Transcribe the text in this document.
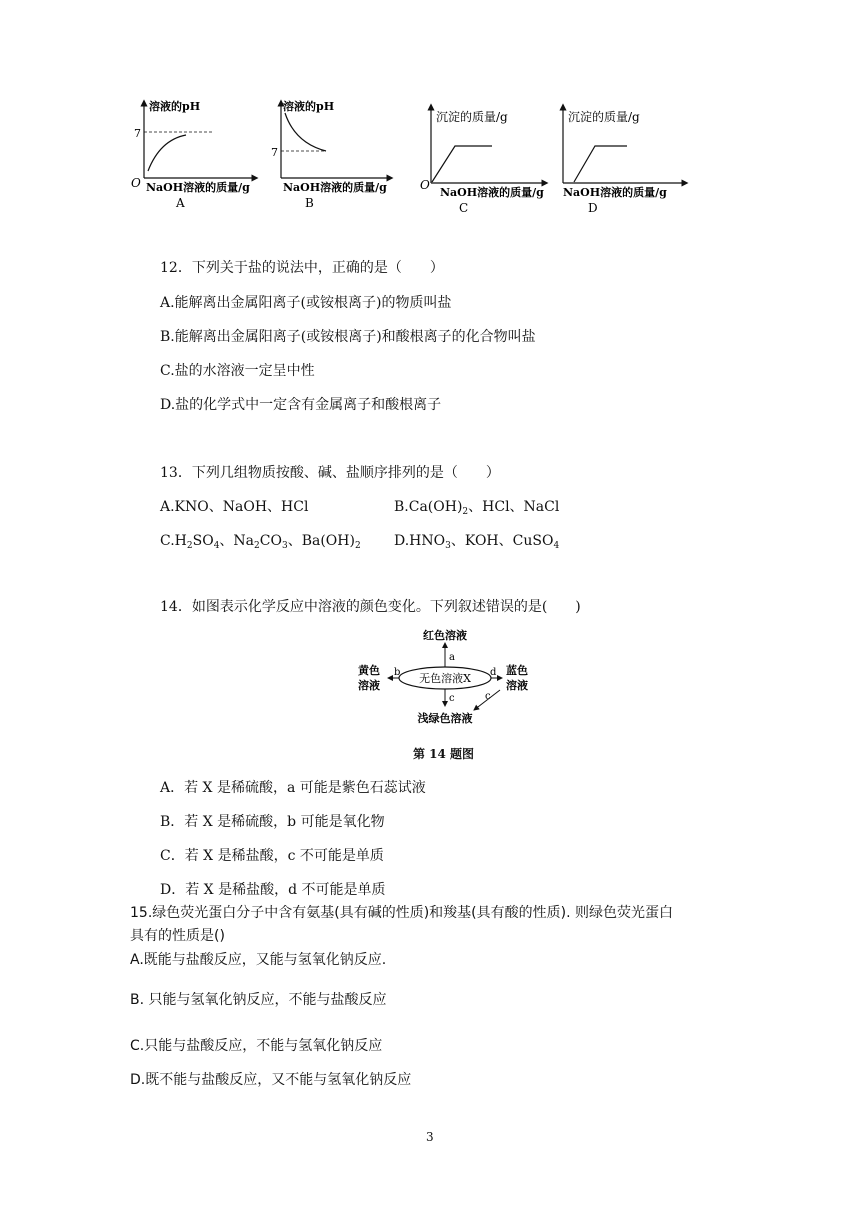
溶液的pH
7
O NaOH溶液的质量/g
A
溶液的pH
7
NaOH溶液的质量/g
B
沉淀的质量/g
O
NaOH溶液的质量/g
C
沉淀的质量/g
NaOH溶液的质量/g
D
12．下列关于盐的说法中，正确的是（　　）
A.能解离出金属阳离子(或铵根离子)的物质叫盐
B.能解离出金属阳离子(或铵根离子)和酸根离子的化合物叫盐
C.盐的水溶液一定呈中性
D.盐的化学式中一定含有金属离子和酸根离子
13．下列几组物质按酸、碱、盐顺序排列的是（　　）
A.KNO、NaOH、HCl	$B.Ca(OH)_2$、HCl、NaCl
$C.H_2SO_4$、$Na_2CO_3$、$Ba(OH)_2$ $D.HNO_3$、KOH、CuSO$_4$
14．如图表示化学反应中溶液的颜色变化。下列叙述错误的是(　　)
无色溶液X
红色溶液
a
黄色
溶液
b	蓝色
溶液
d
c	c
浅绿色溶液
第 14 题图
A．若 X 是稀硫酸，a 可能是紫色石蕊试液
B．若 X 是稀硫酸，b 可能是氧化物
C．若 X 是稀盐酸，c 不可能是单质
D．若 X 是稀盐酸，d 不可能是单质
15.绿色荧光蛋白分子中含有氨基(具有碱的性质)和羧基(具有酸的性质). 则绿色荧光蛋白
具有的性质是()
A.既能与盐酸反应，又能与氢氧化钠反应.
B. 只能与氢氧化钠反应，不能与盐酸反应
C.只能与盐酸反应，不能与氢氧化钠反应
D.既不能与盐酸反应，又不能与氢氧化钠反应
3
